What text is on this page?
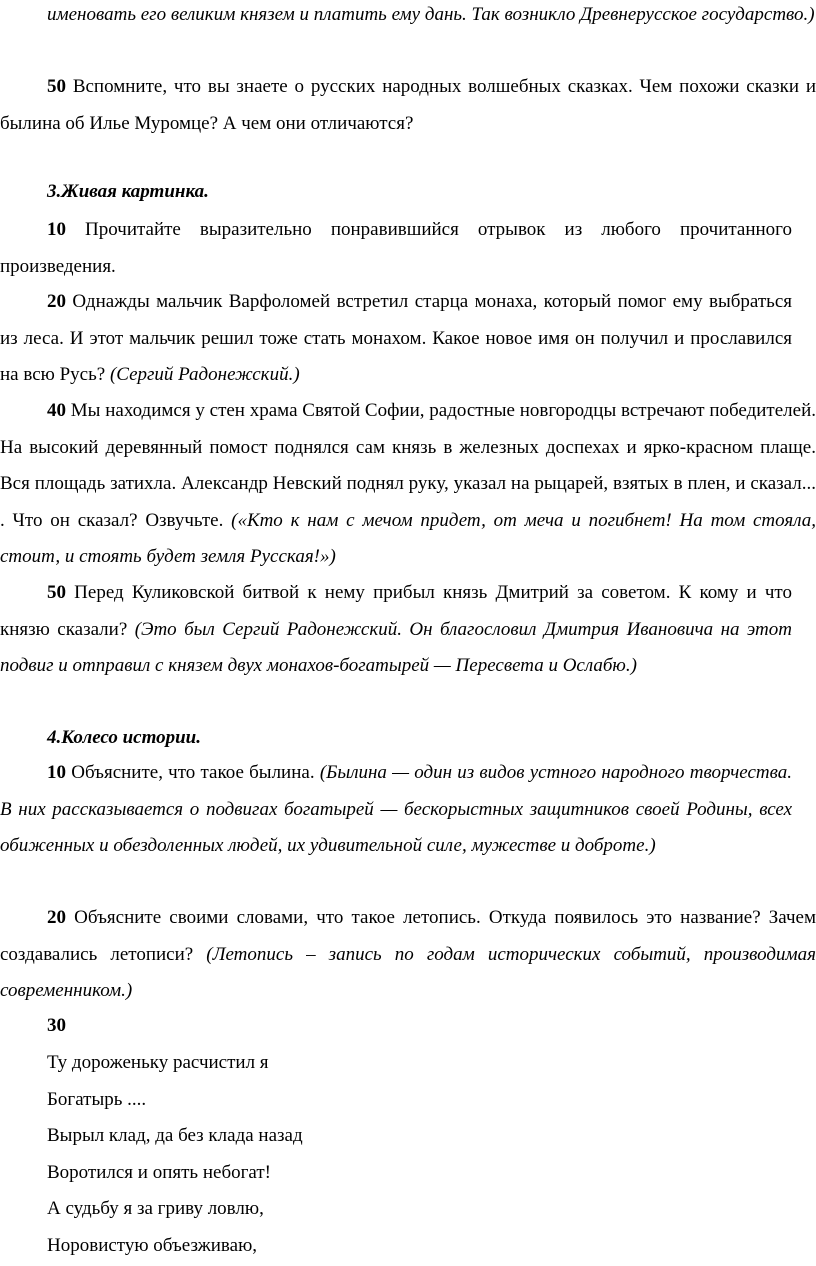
именовать его великим князем и платить ему дань. Так возникло Древнерусское государство.)

50 Вспомните, что вы знаете о русских народных волшебных сказках. Чем похожи сказки и былина об Илье Муромце? А чем они отличаются?

3.Живая картинка.

10 Прочитайте выразительно понравившийся отрывок из любого прочитанного произведения.

20 Однажды мальчик Варфоломей встретил старца монаха, который помог ему выбраться из леса. И этот мальчик решил тоже стать монахом. Какое новое имя он получил и прославился на всю Русь? (Сергий Радонежский.)

40 Мы находимся у стен храма Святой Софии, радостные новгородцы встречают победителей. На высокий деревянный помост поднялся сам князь в железных доспехах и ярко-красном плаще. Вся площадь затихла. Александр Невский поднял руку, указал на рыцарей, взятых в плен, и сказал... . Что он сказал? Озвучьте. («Кто к нам с мечом придет, от меча и погибнет! На том стояла, стоит, и стоять будет земля Русская!»)

50 Перед Куликовской битвой к нему прибыл князь Дмитрий за советом. К кому и что князю сказали? (Это был Сергий Радонежский. Он благословил Дмитрия Ивановича на этот подвиг и отправил с князем двух монахов-богатырей — Пересвета и Ослабю.)

4.Колесо истории.

10 Объясните, что такое былина. (Былина — один из видов устного народного творчества. В них рассказывается о подвигах богатырей — бескорыстных защитников своей Родины, всех обиженных и обездоленных людей, их удивительной силе, мужестве и доброте.)

20 Объясните своими словами, что такое летопись. Откуда появилось это название? Зачем создавались летописи? (Летопись – запись по годам исторических событий, производимая современником.)

30

Ту дороженьку расчистил я
Богатырь ....
Вырыл клад, да без клада назад
Воротился и опять небогат!
А судьбу я за гриву ловлю,
Норовистую объезживаю,
